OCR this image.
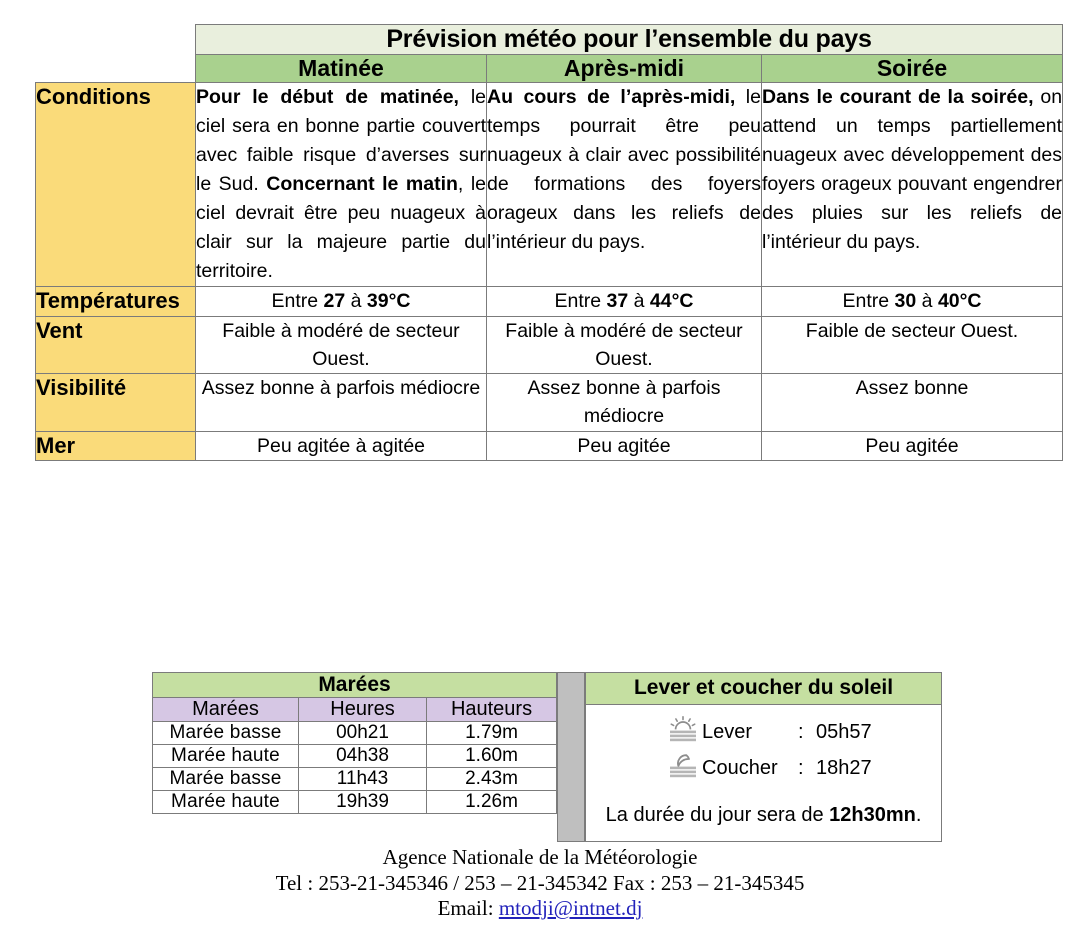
	Prévision météo pour l’ensemble du pays		
	Matinée	Après-midi	Soirée
Conditions	Pour le début de matinée, le ciel sera en bonne partie couvert avec faible risque d’averses sur le Sud. Concernant le matin, le ciel devrait être peu nuageux à clair sur la majeure partie du territoire.	Au cours de l’après-midi, le temps pourrait être peu nuageux à clair avec possibilité de formations des foyers orageux dans les reliefs de l’intérieur du pays.	Dans le courant de la soirée, on attend un temps partiellement nuageux avec développement des foyers orageux pouvant engendrer des pluies sur les reliefs de l’intérieur du pays.
Températures	Entre 27 à 39°C	Entre 37 à 44°C	Entre 30 à 40°C
Vent	Faible à modéré de secteur Ouest.	Faible à modéré de secteur Ouest.	Faible de secteur Ouest.
Visibilité	Assez bonne à parfois médiocre	Assez bonne à parfois médiocre	Assez bonne
Mer	Peu agitée à agitée	Peu agitée	Peu agitée
Marées		
Marées	Heures	Hauteurs
Marée basse	00h21	1.79m
Marée haute	04h38	1.60m
Marée basse	11h43	2.43m
Marée haute	19h39	1.26m
Lever et coucher du soleil
Lever	: 05h57
Coucher	: 18h27
La durée du jour sera de 12h30mn.
Agence Nationale de la Météorologie
Tel : 253-21-345346 / 253 – 21-345342 Fax : 253 – 21-345345
Email: mtodji@intnet.dj
